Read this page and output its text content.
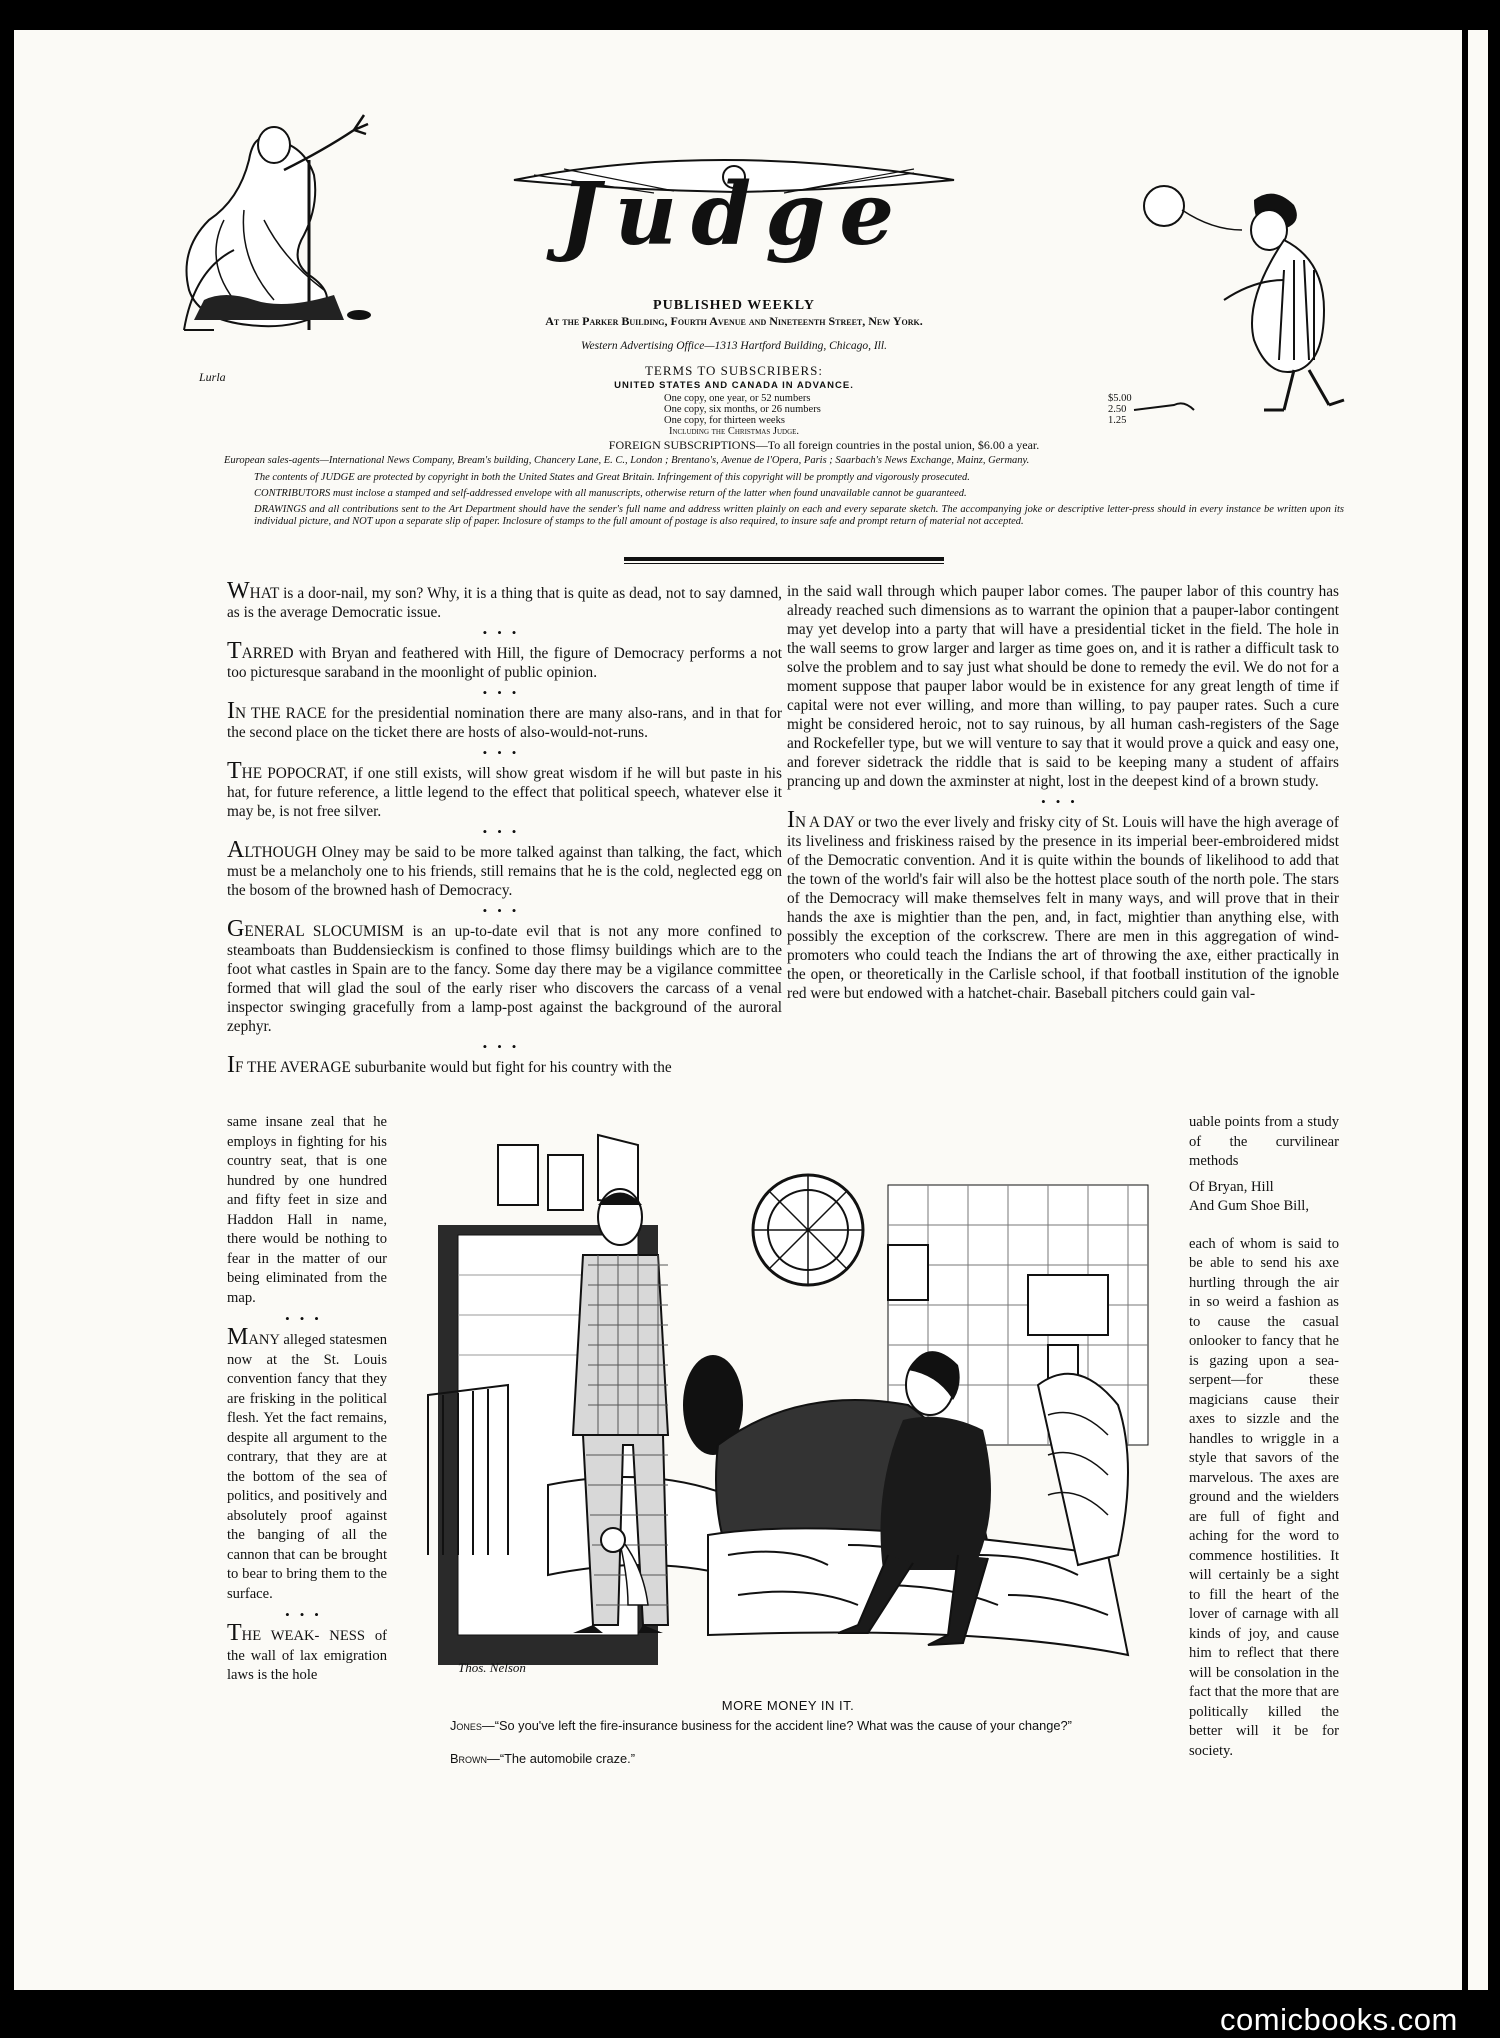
Lurla
Judge
PUBLISHED WEEKLY
At the Parker Building, Fourth Avenue and Nineteenth Street, New York.
Western Advertising Office—1313 Hartford Building, Chicago, Ill.
TERMS TO SUBSCRIBERS:
UNITED STATES AND CANADA IN ADVANCE.
One copy, one year, or 52 numbers	$5.00
One copy, six months, or 26 numbers	2.50
One copy, for thirteen weeks	1.25
Including the Christmas Judge.
FOREIGN SUBSCRIPTIONS—To all foreign countries in the postal union, $6.00 a year.
European sales-agents—International News Company, Bream's building, Chancery Lane, E. C., London ; Brentano's, Avenue de l'Opera, Paris ; Saarbach's News Exchange, Mainz, Germany.
The contents of JUDGE are protected by copyright in both the United States and Great Britain. Infringement of this copyright will be promptly and vigorously prosecuted.
CONTRIBUTORS must inclose a stamped and self-addressed envelope with all manuscripts, otherwise return of the latter when found unavailable cannot be guaranteed.
DRAWINGS and all contributions sent to the Art Department should have the sender's full name and address written plainly on each and every separate sketch. The accompanying joke or descriptive letter-press should in every instance be written upon its individual picture, and NOT upon a separate slip of paper. Inclosure of stamps to the full amount of postage is also required, to insure safe and prompt return of material not accepted.

WHAT is a door-nail, my son? Why, it is a thing that is quite as dead, not to say damned, as is the average Democratic issue.

•••

TARRED with Bryan and feathered with Hill, the figure of Democracy performs a not too picturesque saraband in the moonlight of public opinion.

•••

IN THE RACE for the presidential nomination there are many also-rans, and in that for the second place on the ticket there are hosts of also-would-not-runs.

•••

THE POPOCRAT, if one still exists, will show great wisdom if he will but paste in his hat, for future reference, a little legend to the effect that political speech, whatever else it may be, is not free silver.

•••

ALTHOUGH Olney may be said to be more talked against than talking, the fact, which must be a melancholy one to his friends, still remains that he is the cold, neglected egg on the bosom of the browned hash of Democracy.

•••

GENERAL SLOCUMISM is an up-to-date evil that is not any more confined to steamboats than Buddensieckism is confined to those flimsy buildings which are to the foot what castles in Spain are to the fancy. Some day there may be a vigilance committee formed that will glad the soul of the early riser who discovers the carcass of a venal inspector swinging gracefully from a lamp-post against the background of the auroral zephyr.

•••

IF THE AVERAGE suburbanite would but fight for his country with the

same insane zeal that he employs in fighting for his country seat, that is one hundred by one hundred and fifty feet in size and Haddon Hall in name, there would be nothing to fear in the matter of our being eliminated from the map.

•••

MANY alleged statesmen now at the St. Louis convention fancy that they are frisking in the political flesh. Yet the fact remains, despite all argument to the contrary, that they are at the bottom of the sea of politics, and positively and absolutely proof against the banging of all the cannon that can be brought to bear to bring them to the surface.

•••

THE WEAK- NESS of the wall of lax emigration laws is the hole

in the said wall through which pauper labor comes. The pauper labor of this country has already reached such dimensions as to warrant the opinion that a pauper-labor contingent may yet develop into a party that will have a presidential ticket in the field. The hole in the wall seems to grow larger and larger as time goes on, and it is rather a difficult task to solve the problem and to say just what should be done to remedy the evil. We do not for a moment suppose that pauper labor would be in existence for any great length of time if capital were not ever willing, and more than willing, to pay pauper rates. Such a cure might be considered heroic, not to say ruinous, by all human cash-registers of the Sage and Rockefeller type, but we will venture to say that it would prove a quick and easy one, and forever sidetrack the riddle that is said to be keeping many a student of affairs prancing up and down the axminster at night, lost in the deepest kind of a brown study.

•••

IN A DAY or two the ever lively and frisky city of St. Louis will have the high average of its liveliness and friskiness raised by the presence in its imperial beer-embroidered midst of the Democratic convention. And it is quite within the bounds of likelihood to add that the town of the world's fair will also be the hottest place south of the north pole. The stars of the Democracy will make themselves felt in many ways, and will prove that in their hands the axe is mightier than the pen, and, in fact, mightier than anything else, with possibly the exception of the corkscrew. There are men in this aggregation of wind-promoters who could teach the Indians the art of throwing the axe, either practically in the open, or theoretically in the Carlisle school, if that football institution of the ignoble red were but endowed with a hatchet-chair. Baseball pitchers could gain val-

uable points from a study of the curvilinear methods

Of Bryan, Hill
And Gum Shoe Bill,

each of whom is said to be able to send his axe hurtling through the air in so weird a fashion as to cause the casual onlooker to fancy that he is gazing upon a sea-serpent—for these magicians cause their axes to sizzle and the handles to wriggle in a style that savors of the marvelous. The axes are ground and the wielders are full of fight and aching for the word to commence hostilities. It will certainly be a sight to fill the heart of the lover of carnage with all kinds of joy, and cause him to reflect that there will be consolation in the fact that the more that are politically killed the better will it be for society.

Thos. Nelson
MORE MONEY IN IT.
Jones—“So you've left the fire-insurance business for the accident line? What was the cause of your change?”
Brown—“The automobile craze.”
comicbooks.com
